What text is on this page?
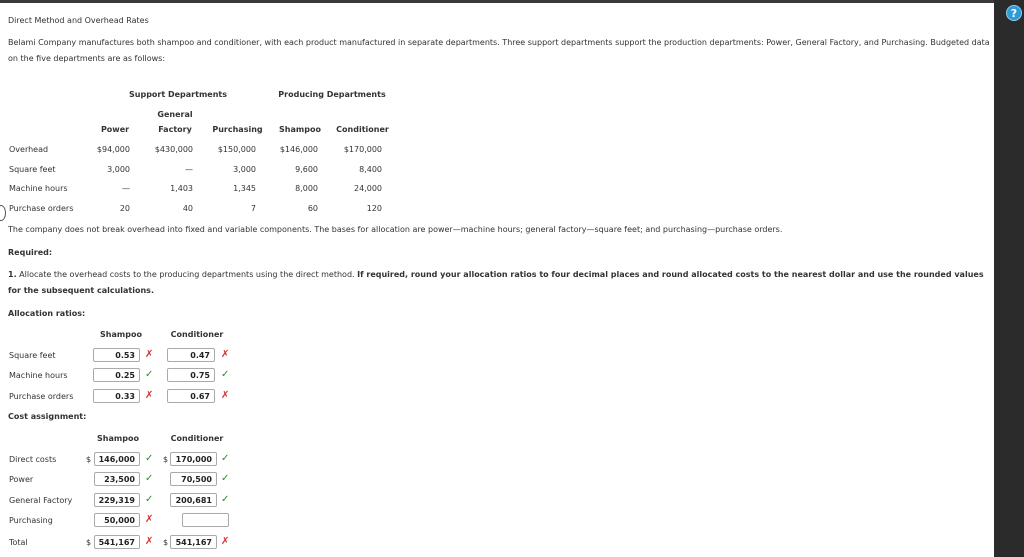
Direct Method and Overhead Rates
Belami Company manufactures both shampoo and conditioner, with each product manufactured in separate departments. Three support departments support the production departments: Power, General Factory, and Purchasing. Budgeted data on the five departments are as follows:
Support Departments	Producing Departments
General
Power	Factory	Purchasing	Shampoo	Conditioner
Overhead	$94,000	$430,000	$150,000	$146,000	$170,000
Square feet	3,000	—	3,000	9,600	8,400
Machine hours	—	1,403	1,345	8,000	24,000
Purchase orders	20	40	7	60	120
The company does not break overhead into fixed and variable components. The bases for allocation are power—machine hours; general factory—square feet; and purchasing—purchase orders.
Required:
1. Allocate the overhead costs to the producing departments using the direct method. If required, round your allocation ratios to four decimal places and round allocated costs to the nearest dollar and use the rounded values for the subsequent calculations.
Allocation ratios:
Shampoo	Conditioner
Square feet	0.53	✗	0.47	✗
Machine hours	0.25	✓	0.75	✓
Purchase orders	0.33	✗	0.67	✗
Cost assignment:
Shampoo	Conditioner
Direct costs	$ 146,000	✓ $ 170,000 ✓
Power	23,500	✓	70,500 ✓
General Factory	229,319	✓	200,681 ✓
Purchasing	50,000	✗
Total	$ 541,167	✗ $ 541,167 ✗
?
